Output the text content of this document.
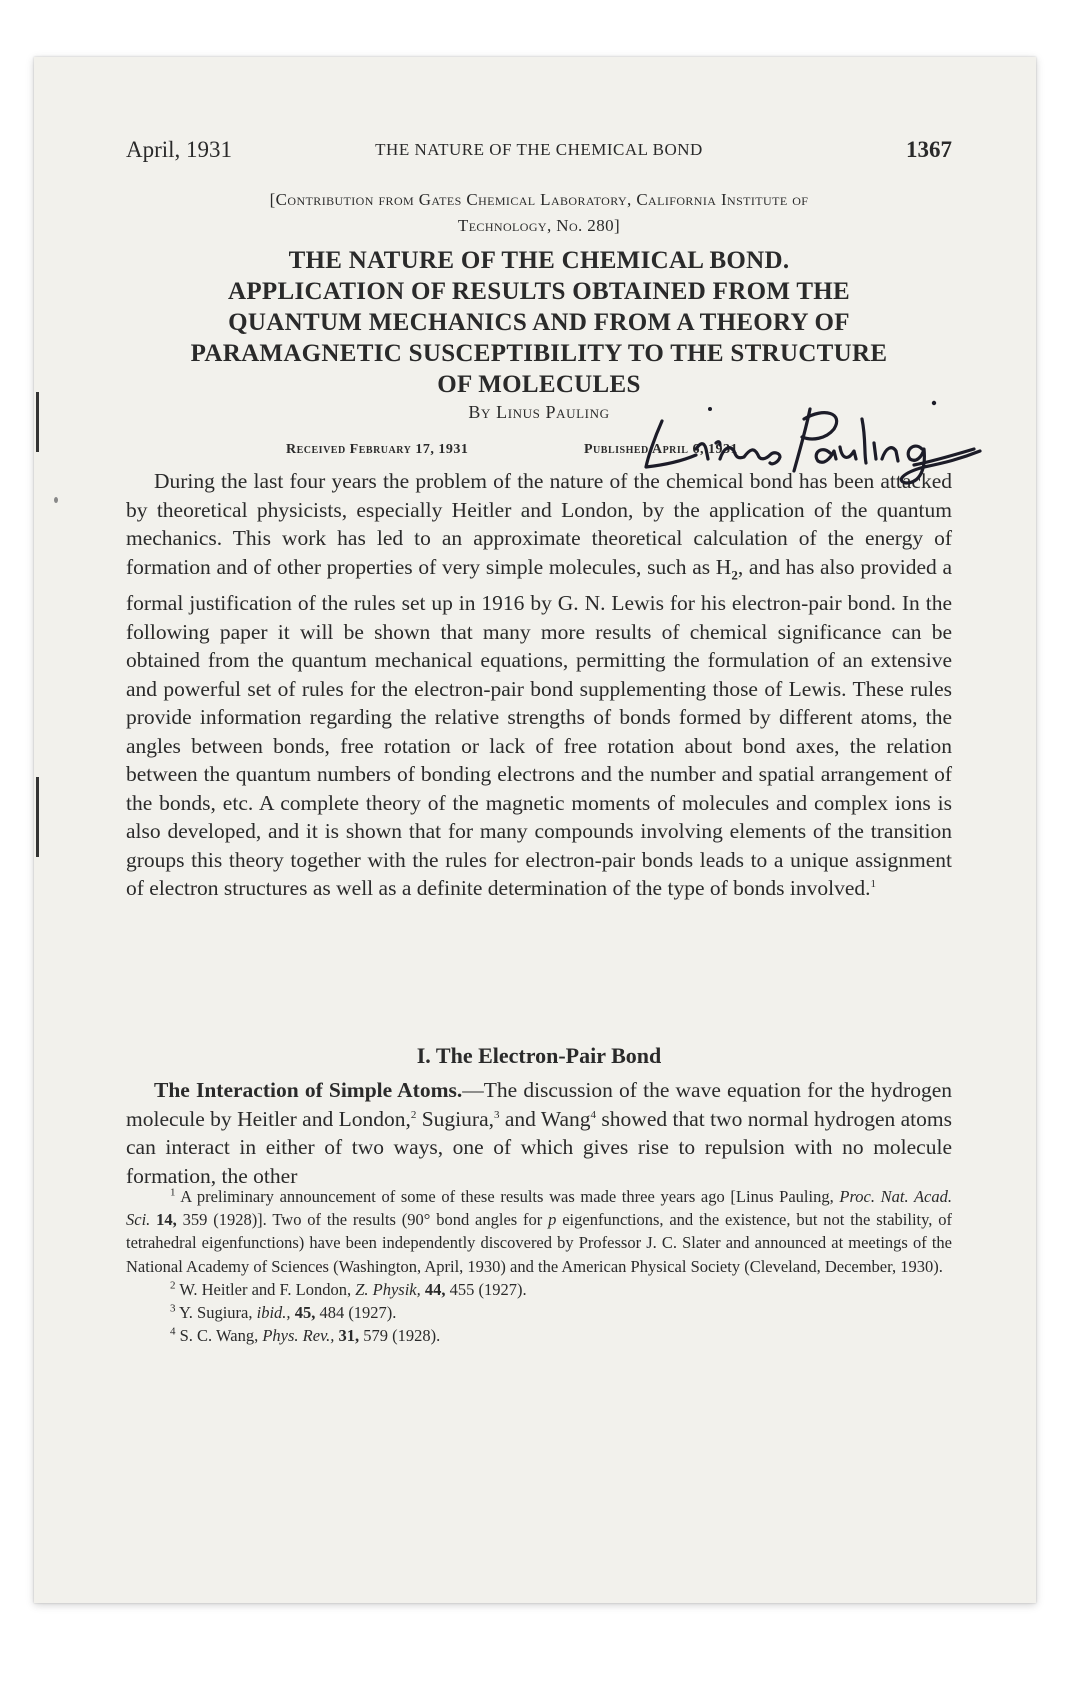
April, 1931	THE NATURE OF THE CHEMICAL BOND	1367
[Contribution from Gates Chemical Laboratory, California Institute of
Technology, No. 280]
THE NATURE OF THE CHEMICAL BOND.
APPLICATION OF RESULTS OBTAINED FROM THE
QUANTUM MECHANICS AND FROM A THEORY OF
PARAMAGNETIC SUSCEPTIBILITY TO THE STRUCTURE
OF MOLECULES
By Linus Pauling
Received February 17, 1931	Published April 6, 1931

During the last four years the problem of the nature of the chemical bond has been attacked by theoretical physicists, especially Heitler and London, by the application of the quantum mechanics. This work has led to an approximate theoretical calculation of the energy of formation and of other properties of very simple molecules, such as $H_2$, and has also provided a formal justification of the rules set up in 1916 by G. N. Lewis for his electron-pair bond. In the following paper it will be shown that many more results of chemical significance can be obtained from the quantum mechanical equations, permitting the formulation of an extensive and powerful set of rules for the electron-pair bond supplementing those of Lewis. These rules provide information regarding the relative strengths of bonds formed by different atoms, the angles between bonds, free rotation or lack of free rotation about bond axes, the relation between the quantum numbers of bonding electrons and the number and spatial arrangement of the bonds, etc. A complete theory of the magnetic moments of molecules and complex ions is also developed, and it is shown that for many compounds involving elements of the transition groups this theory together with the rules for electron-pair bonds leads to a unique assignment of electron structures as well as a definite determination of the type of bonds involved.$^1$

I. The Electron-Pair Bond

The Interaction of Simple Atoms.—The discussion of the wave equation for the hydrogen molecule by Heitler and London,$^2$ Sugiura,$^3$ and Wang$^4$ showed that two normal hydrogen atoms can interact in either of two ways, one of which gives rise to repulsion with no molecule formation, the other

$^1$ A preliminary announcement of some of these results was made three years ago [Linus Pauling, Proc. Nat. Acad. Sci. 14, 359 (1928)]. Two of the results (90° bond angles for p eigenfunctions, and the existence, but not the stability, of tetrahedral eigenfunctions) have been independently discovered by Professor J. C. Slater and announced at meetings of the National Academy of Sciences (Washington, April, 1930) and the American Physical Society (Cleveland, December, 1930).

$^2$ W. Heitler and F. London, Z. Physik, 44, 455 (1927).

$^3$ Y. Sugiura, ibid., 45, 484 (1927).

$^4$ S. C. Wang, Phys. Rev., 31, 579 (1928).
